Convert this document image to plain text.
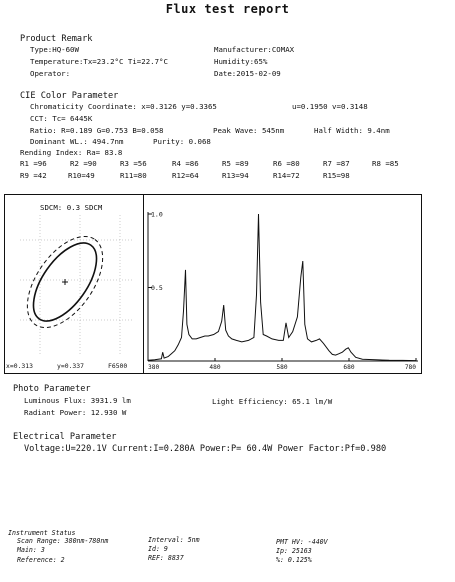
Flux test report
Product Remark
Type:HQ-60W	Manufacturer:COMAX
Temperature:Tx=23.2°C Ti=22.7°C	Humidity:65%
Operator:	Date:2015-02-09
CIE Color Parameter
Chromaticity Coordinate: x=0.3126 y=0.3365	u=0.1950 v=0.3148
CCT: Tc= 6445K
Ratio: R=0.189 G=0.753 B=0.058	Peak Wave: 545nm	Half Width: 9.4nm
Dominant WL.: 494.7nm	Purity: 0.068
Rending Index: Ra= 83.8
R1 =96	R2 =90	R3 =56	R4 =86	R5 =89	R6 =80	R7 =87	R8 =85
R9 =42	R10=49	R11=80	R12=64	R13=94	R14=72	R15=98
SDCM: 0.3 SDCM
x=0.313	y=0.337	F6500
1.0
0.5
380	480	580	680	780
Photo Parameter
Luminous Flux: 3931.9 lm	Light Efficiency: 65.1 lm/W
Radiant Power: 12.930 W
Electrical Parameter
Voltage:U=220.1V Current:I=0.280A Power:P= 60.4W Power Factor:Pf=0.980
Instrument Status
Scan Range: 380nm-780nm
Main: 3
Reference: 2
Interval: 5nm
Id: 9
REF: 8837
PMT HV: -440V
Ip: 25163
%: 0.125%
